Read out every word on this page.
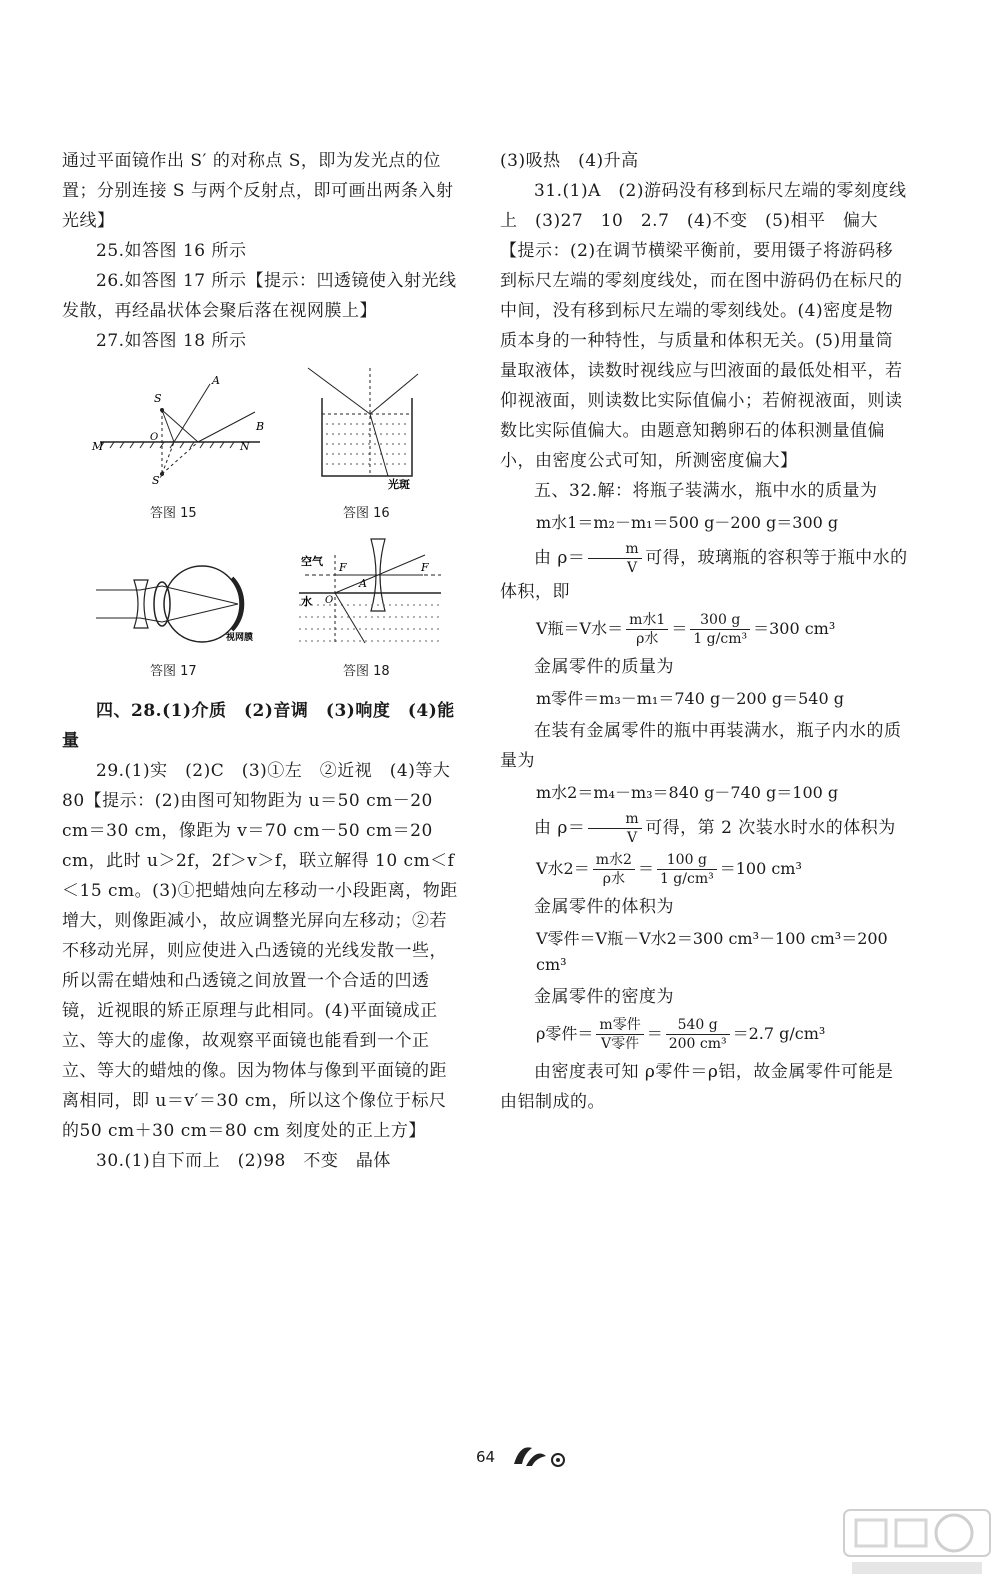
通过平面镜作出 S′ 的对称点 S，即为发光点的位置；分别连接 S 与两个反射点，即可画出两条入射光线】

25.如答图 16 所示

26.如答图 17 所示【提示：凹透镜使入射光线发散，再经晶状体会聚后落在视网膜上】

27.如答图 18 所示

S
A
M
B
N
O
S′
答图 15
光斑
答图 16
视网膜
答图 17
空气
水
F	F
A
O
答图 18

四、28.(1)介质　(2)音调　(3)响度　(4)能量

29.(1)实　(2)C　(3)①左　②近视　(4)等大　80【提示：(2)由图可知物距为 u＝50 cm－20 cm＝30 cm，像距为 v＝70 cm－50 cm＝20 cm，此时 u＞2f，2f＞v＞f，联立解得 10 cm＜f＜15 cm。(3)①把蜡烛向左移动一小段距离，物距增大，则像距减小，故应调整光屏向左移动；②若不移动光屏，则应使进入凸透镜的光线发散一些，所以需在蜡烛和凸透镜之间放置一个合适的凹透镜，近视眼的矫正原理与此相同。(4)平面镜成正立、等大的虚像，故观察平面镜也能看到一个正立、等大的蜡烛的像。因为物体与像到平面镜的距离相同，即 u＝v′＝30 cm，所以这个像位于标尺的50 cm＋30 cm＝80 cm 刻度处的正上方】

30.(1)自下而上　(2)98　不变　晶体

(3)吸热　(4)升高

31.(1)A　(2)游码没有移到标尺左端的零刻度线上　(3)27　10　2.7　(4)不变　(5)相平　偏大【提示：(2)在调节横梁平衡前，要用镊子将游码移到标尺左端的零刻度线处，而在图中游码仍在标尺的中间，没有移到标尺左端的零刻线处。(4)密度是物质本身的一种特性，与质量和体积无关。(5)用量筒量取液体，读数时视线应与凹液面的最低处相平，若仰视液面，则读数比实际值偏小；若俯视液面，则读数比实际值偏大。由题意知鹅卵石的体积测量值偏小，由密度公式可知，所测密度偏大】

五、32.解：将瓶子装满水，瓶中水的质量为

m水1＝m₂－m₁＝500 g－200 g＝300 g

由 $\rho= \frac{m}{V}$ 可得，玻璃瓶的容积等于瓶中水的体积，即

V瓶＝V水＝ $\frac{\text{m水1}}{\text{ρ水}} = \frac{300 g}{\text{1 g/cm³}} =300$ cm³

金属零件的质量为

m零件＝m₃－m₁＝740 g－200 g＝540 g

在装有金属零件的瓶中再装满水，瓶子内水的质量为

m水2＝m₄－m₃＝840 g－740 g＝100 g

由 $\rho= \frac{m}{V}$ 可得，第 2 次装水时水的体积为

V水$2= \frac{\text{m水2}}{\text{ρ水}} = \frac{100 g}{\text{1 g/cm³}} =100$ cm³

金属零件的体积为

V零件＝V瓶－V水2＝300 cm³－100 cm³＝200 cm³

金属零件的密度为

ρ零件＝ $\frac{\text{m零件}}{\text{V零件}} = \frac{540 g}{\text{200 cm³}} =2.7$ g/cm³

由密度表可知 ρ零件＝ρ铝，故金属零件可能是由铝制成的。

64
